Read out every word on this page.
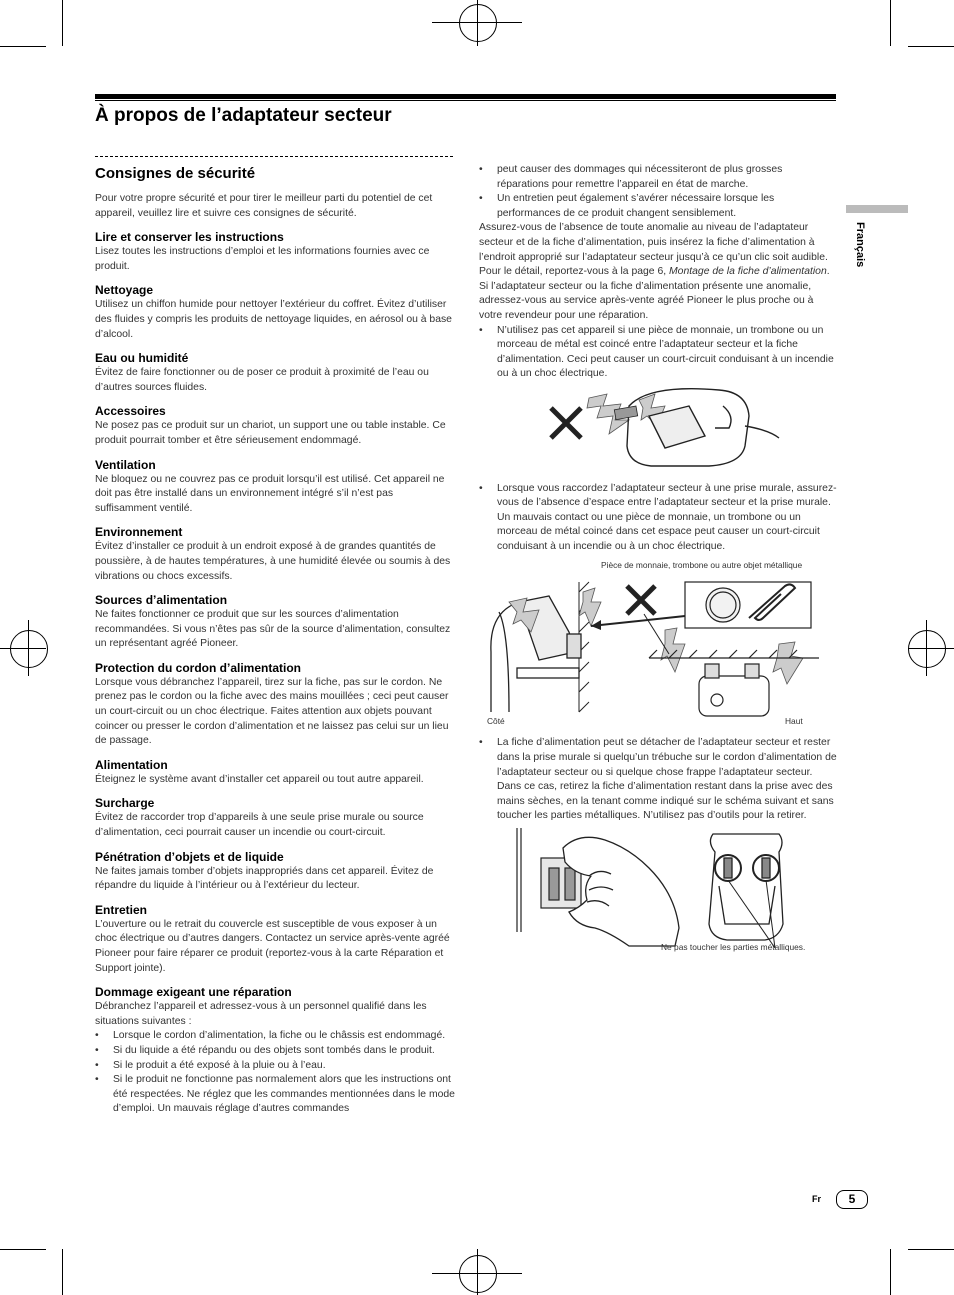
À propos de l’adaptateur secteur
Français
Consignes de sécurité

Pour votre propre sécurité et pour tirer le meilleur parti du potentiel de cet appareil, veuillez lire et suivre ces consignes de sécurité.

Lire et conserver les instructions

Lisez toutes les instructions d’emploi et les informations fournies avec ce produit.

Nettoyage

Utilisez un chiffon humide pour nettoyer l’extérieur du coffret. Évitez d’utiliser des fluides y compris les produits de nettoyage liquides, en aérosol ou à base d’alcool.

Eau ou humidité

Évitez de faire fonctionner ou de poser ce produit à proximité de l’eau ou d’autres sources fluides.

Accessoires

Ne posez pas ce produit sur un chariot, un support une ou table instable. Ce produit pourrait tomber et être sérieusement endommagé.

Ventilation

Ne bloquez ou ne couvrez pas ce produit lorsqu’il est utilisé. Cet appareil ne doit pas être installé dans un environnement intégré s’il n’est pas suffisamment ventilé.

Environnement

Évitez d’installer ce produit à un endroit exposé à de grandes quantités de poussière, à de hautes températures, à une humidité élevée ou soumis à des vibrations ou chocs excessifs.

Sources d’alimentation

Ne faites fonctionner ce produit que sur les sources d’alimentation recommandées. Si vous n’êtes pas sûr de la source d’alimentation, consultez un représentant agréé Pioneer.

Protection du cordon d’alimentation

Lorsque vous débranchez l’appareil, tirez sur la fiche, pas sur le cordon. Ne prenez pas le cordon ou la fiche avec des mains mouillées ; ceci peut causer un court-circuit ou un choc électrique. Faites attention aux objets pouvant coincer ou presser le cordon d’alimentation et ne laissez pas celui sur un lieu de passage.

Alimentation

Éteignez le système avant d’installer cet appareil ou tout autre appareil.

Surcharge

Évitez de raccorder trop d’appareils à une seule prise murale ou source d’alimentation, ceci pourrait causer un incendie ou court-circuit.

Pénétration d’objets et de liquide

Ne faites jamais tomber d’objets inappropriés dans cet appareil. Évitez de répandre du liquide à l’intérieur ou à l’extérieur du lecteur.

Entretien

L’ouverture ou le retrait du couvercle est susceptible de vous exposer à un choc électrique ou d’autres dangers. Contactez un service après-vente agréé Pioneer pour faire réparer ce produit (reportez-vous à la carte Réparation et Support jointe).

Dommage exigeant une réparation

Débranchez l’appareil et adressez-vous à un personnel qualifié dans les situations suivantes :

• Lorsque le cordon d’alimentation, la fiche ou le châssis est endommagé.
• Si du liquide a été répandu ou des objets sont tombés dans le produit.
• Si le produit a été exposé à la pluie ou à l’eau.
• Si le produit ne fonctionne pas normalement alors que les instructions ont été respectées. Ne réglez que les commandes mentionnées dans le mode d’emploi. Un mauvais réglage d’autres commandes
• peut causer des dommages qui nécessiteront de plus grosses réparations pour remettre l’appareil en état de marche.
• Un entretien peut également s’avérer nécessaire lorsque les performances de ce produit changent sensiblement.

Assurez-vous de l’absence de toute anomalie au niveau de l’adaptateur secteur et de la fiche d’alimentation, puis insérez la fiche d’alimentation à l’endroit approprié sur l’adaptateur secteur jusqu’à ce qu’un clic soit audible. Pour le détail, reportez-vous à la page 6, Montage de la fiche d’alimentation.

Si l’adaptateur secteur ou la fiche d’alimentation présente une anomalie, adressez-vous au service après-vente agréé Pioneer le plus proche ou à votre revendeur pour une réparation.

• N’utilisez pas cet appareil si une pièce de monnaie, un trombone ou un morceau de métal est coincé entre l’adaptateur secteur et la fiche d’alimentation. Ceci peut causer un court-circuit conduisant à un incendie ou à un choc électrique.
• Lorsque vous raccordez l’adaptateur secteur à une prise murale, assurez-vous de l’absence d’espace entre l’adaptateur secteur et la prise murale. Un mauvais contact ou une pièce de monnaie, un trombone ou un morceau de métal coincé dans cet espace peut causer un court-circuit conduisant à un incendie ou à un choc électrique.
Pièce de monnaie, trombone ou autre objet métallique
Côté	Haut
• La fiche d’alimentation peut se détacher de l’adaptateur secteur et rester dans la prise murale si quelqu’un trébuche sur le cordon d’alimentation de l’adaptateur secteur ou si quelque chose frappe l’adaptateur secteur. Dans ce cas, retirez la fiche d’alimentation restant dans la prise avec des mains sèches, en la tenant comme indiqué sur le schéma suivant et sans toucher les parties métalliques. N’utilisez pas d’outils pour la retirer.
Ne pas toucher les parties métalliques.
Fr	5
